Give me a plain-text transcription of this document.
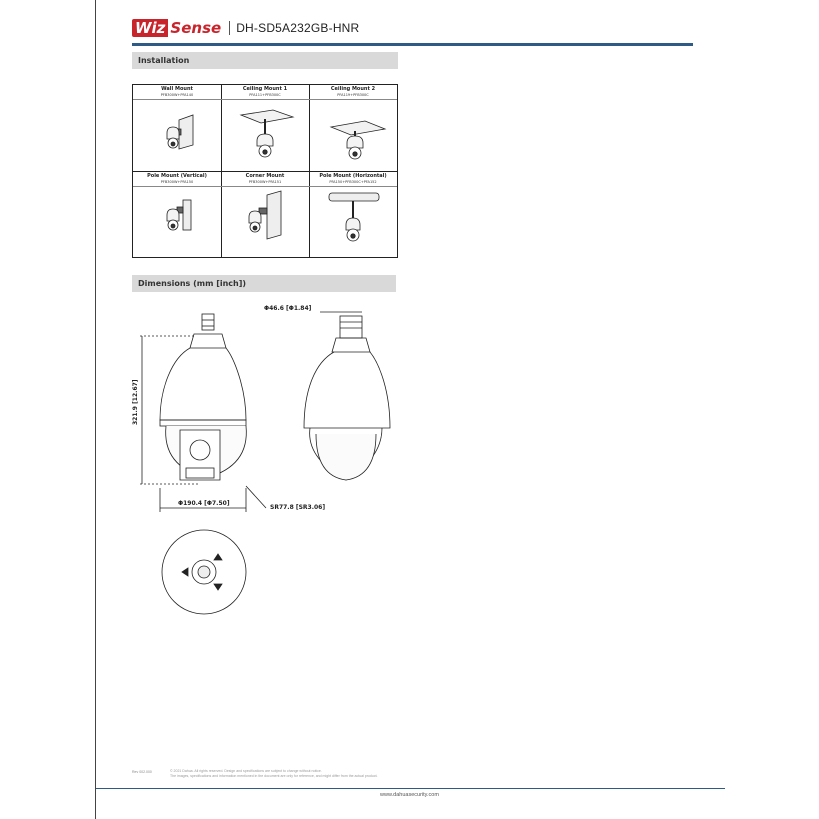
Wiz Sense DH-SD5A232GB-HNR
Installation
Wall Mount
PFB300W+PFA140
Ceiling Mount 1
PFA111+PFB300C
Ceiling Mount 2
PFA119+PFB300C
Pole Mount (Vertical)
PFB300W+PFA150
Corner Mount
PFB300W+PFA151
Pole Mount (Horizontal)
PFA150+PFB300C+PFA152
Dimensions (mm [inch])
Φ46.6 [Φ1.84]
321.9 [12.67]
Φ190.4 [Φ7.50]
SR77.8 [SR3.06]
Rev 002.000	© 2021 Dahua. All rights reserved. Design and specifications are subject to change without notice.
The images, specifications and information mentioned in the document are only for reference, and might differ from the actual product.
www.dahuasecurity.com
